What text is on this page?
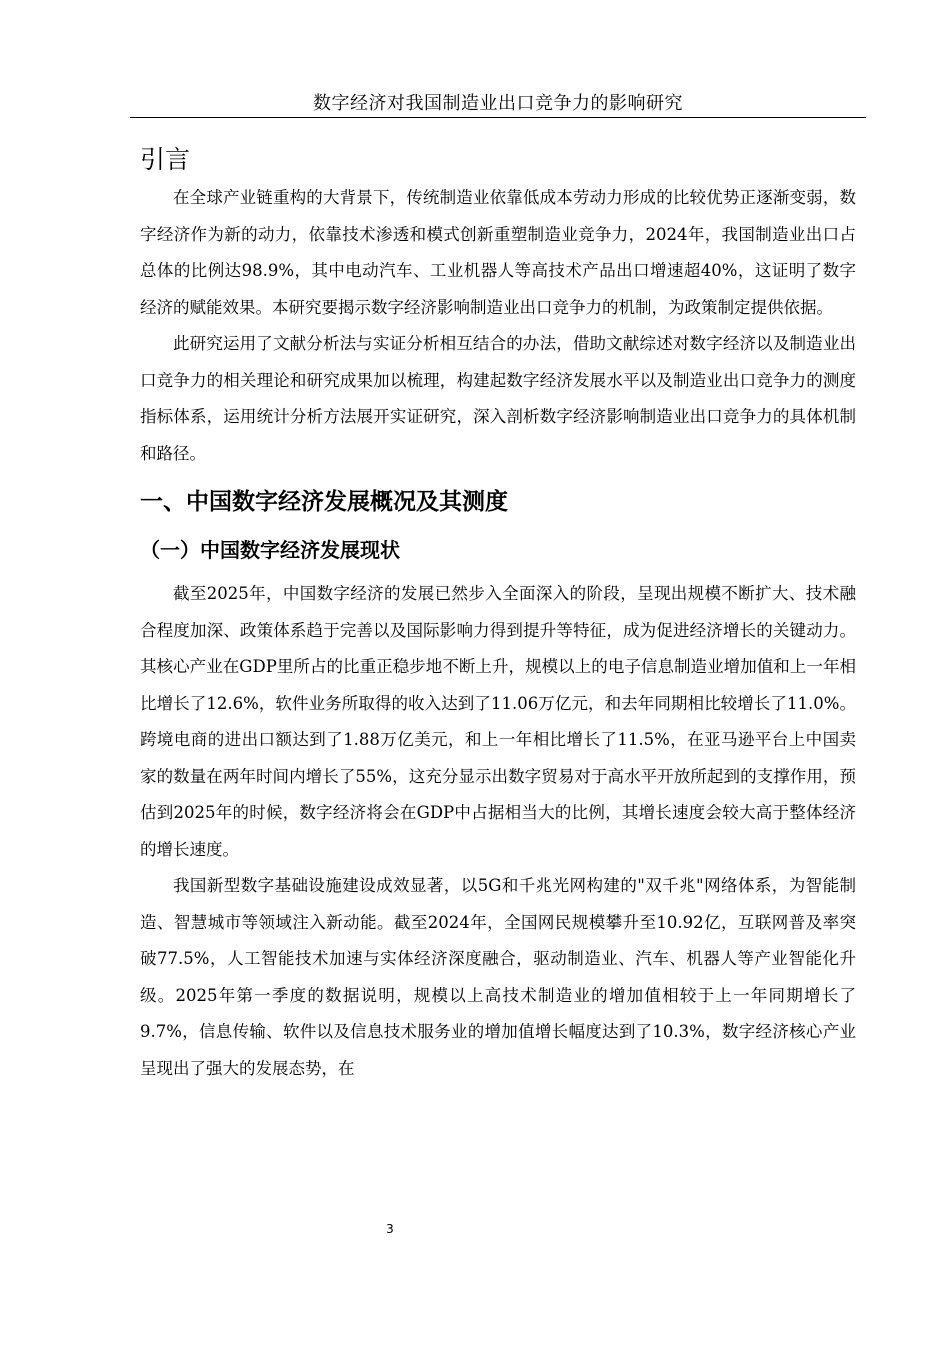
数字经济对我国制造业出口竞争力的影响研究
引言

在全球产业链重构的大背景下，传统制造业依靠低成本劳动力形成的比较优势正逐渐变弱，数字经济作为新的动力，依靠技术渗透和模式创新重塑制造业竞争力，2024年，我国制造业出口占总体的比例达98.9%，其中电动汽车、工业机器人等高技术产品出口增速超40%，这证明了数字经济的赋能效果。本研究要揭示数字经济影响制造业出口竞争力的机制，为政策制定提供依据。

此研究运用了文献分析法与实证分析相互结合的办法，借助文献综述对数字经济以及制造业出口竞争力的相关理论和研究成果加以梳理，构建起数字经济发展水平以及制造业出口竞争力的测度指标体系，运用统计分析方法展开实证研究，深入剖析数字经济影响制造业出口竞争力的具体机制和路径。

一、中国数字经济发展概况及其测度
（一）中国数字经济发展现状

截至2025年，中国数字经济的发展已然步入全面深入的阶段，呈现出规模不断扩大、技术融合程度加深、政策体系趋于完善以及国际影响力得到提升等特征，成为促进经济增长的关键动力。其核心产业在GDP里所占的比重正稳步地不断上升，规模以上的电子信息制造业增加值和上一年相比增长了12.6%，软件业务所取得的收入达到了11.06万亿元，和去年同期相比较增长了11.0%。跨境电商的进出口额达到了1.88万亿美元，和上一年相比增长了11.5%，在亚马逊平台上中国卖家的数量在两年时间内增长了55%，这充分显示出数字贸易对于高水平开放所起到的支撑作用，预估到2025年的时候，数字经济将会在GDP中占据相当大的比例，其增长速度会较大高于整体经济的增长速度。

我国新型数字基础设施建设成效显著，以5G和千兆光网构建的"双千兆"网络体系，为智能制造、智慧城市等领域注入新动能。截至2024年，全国网民规模攀升至10.92亿，互联网普及率突破77.5%，人工智能技术加速与实体经济深度融合，驱动制造业、汽车、机器人等产业智能化升级。2025年第一季度的数据说明，规模以上高技术制造业的增加值相较于上一年同期增长了9.7%，信息传输、软件以及信息技术服务业的增加值增长幅度达到了10.3%，数字经济核心产业呈现出了强大的发展态势，在

3
